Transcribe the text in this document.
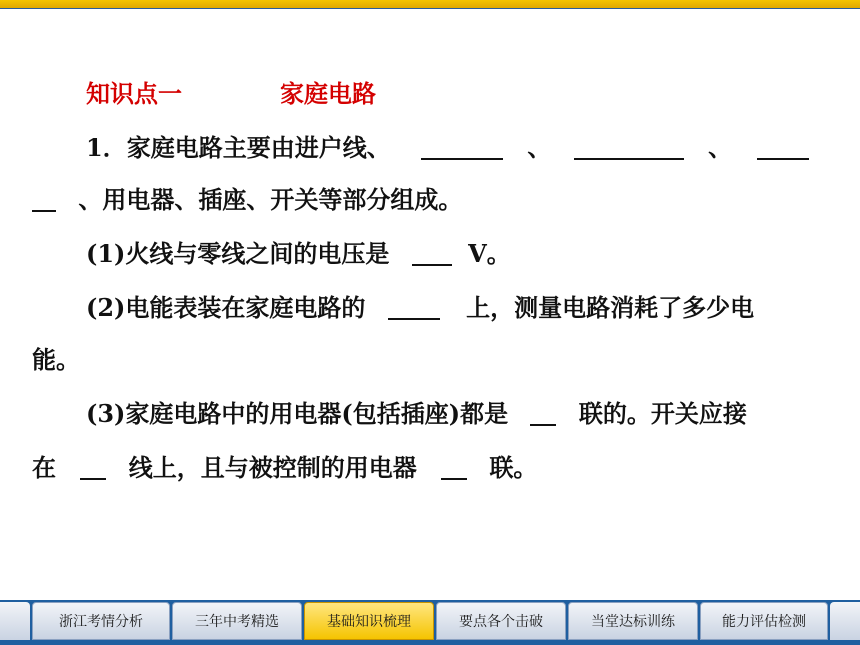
知识点一	家庭电路
1．家庭电路主要由进户线、	、	、
、用电器、插座、开关等部分组成。
(1)火线与零线之间的电压是	V。
(2)电能表装在家庭电路的	上，测量电路消耗了多少电
能。
(3)家庭电路中的用电器(包括插座)都是	联的。开关应接
在	线上，且与被控制的用电器	联。
浙江考情分析	三年中考精选	基础知识梳理	要点各个击破	当堂达标训练	能力评估检测
